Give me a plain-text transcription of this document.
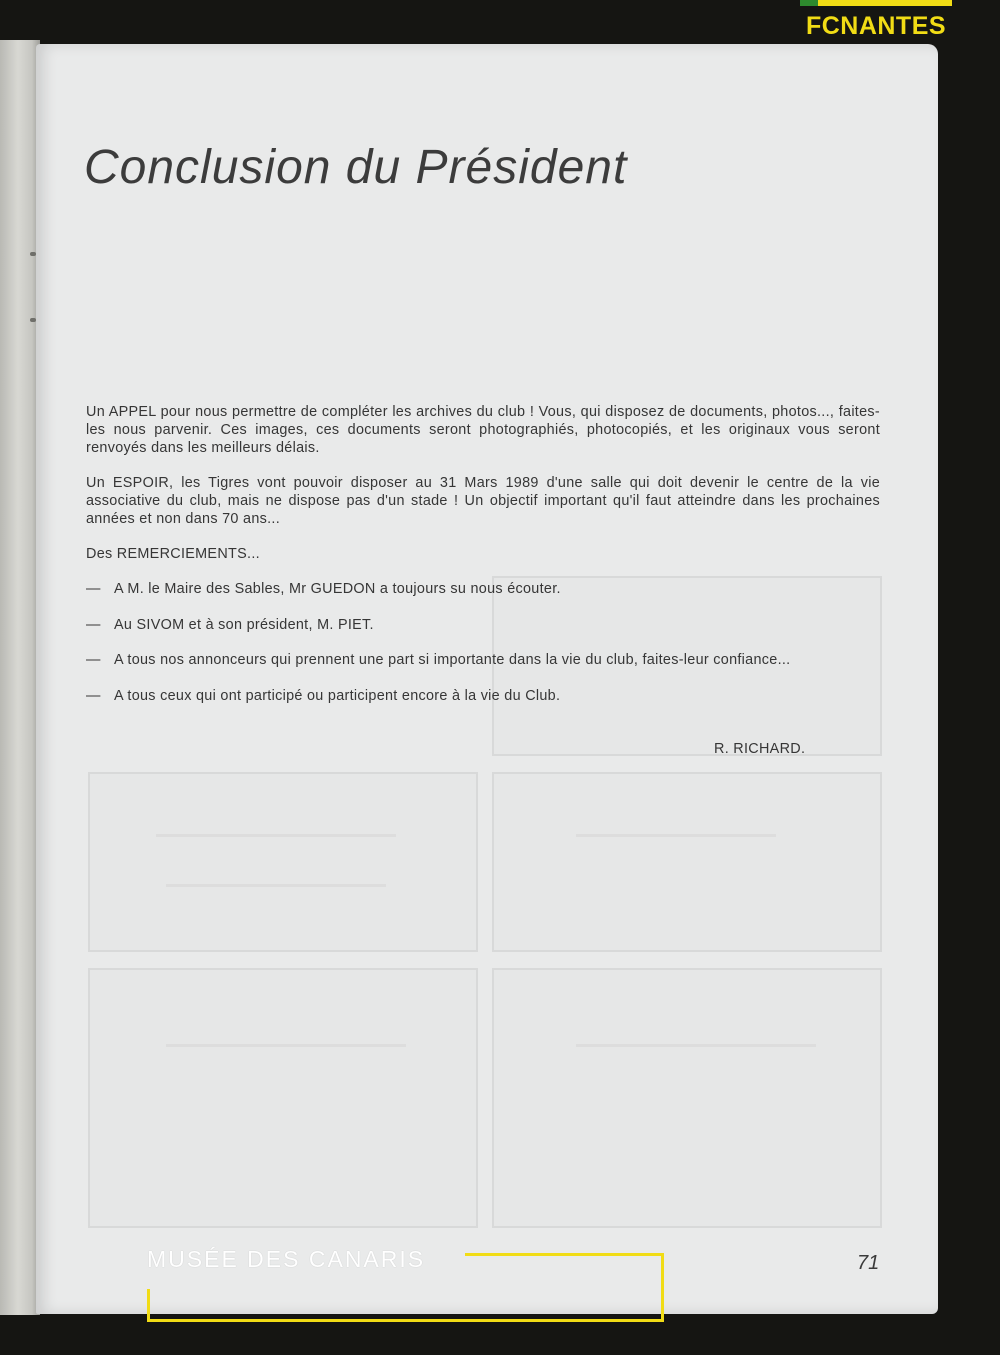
Conclusion du Président

Un APPEL pour nous permettre de compléter les archives du club ! Vous, qui disposez de documents, photos..., faites-les nous parvenir. Ces images, ces documents seront photographiés, photocopiés, et les originaux vous seront renvoyés dans les meilleurs délais.

Un ESPOIR, les Tigres vont pouvoir disposer au 31 Mars 1989 d'une salle qui doit devenir le centre de la vie associative du club, mais ne dispose pas d'un stade ! Un objectif important qu'il faut atteindre dans les prochaines années et non dans 70 ans...

Des REMERCIEMENTS...

— A M. le Maire des Sables, Mr GUEDON a toujours su nous écouter.
— Au SIVOM et à son président, M. PIET.
— A tous nos annonceurs qui prennent une part si importante dans la vie du club, faites-leur confiance...
— A tous ceux qui ont participé ou participent encore à la vie du Club.
R. RICHARD.
MUSÉE DES CANARIS	71
FCNANTES
